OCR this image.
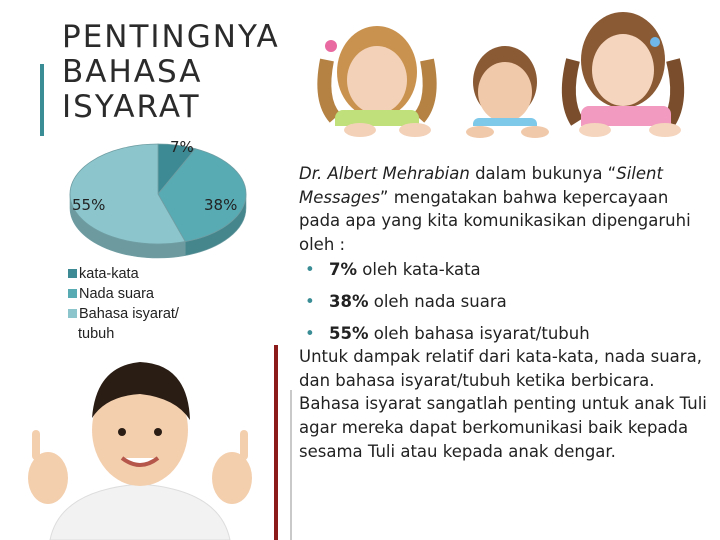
PENTINGNYA
BAHASA
ISYARAT
7%
38%
55%
kata-kata
Nada suara
Bahasa isyarat/
tubuh

Dr. Albert Mehrabian dalam bukunya “Silent Messages” mengatakan bahwa kepercayaan pada apa yang kita komunikasikan dipengaruhi oleh :

• 7% oleh kata-kata
• 38% oleh nada suara
• 55% oleh bahasa isyarat/tubuh

Untuk dampak relatif dari kata-kata, nada suara, dan bahasa isyarat/tubuh ketika berbicara. Bahasa isyarat sangatlah penting untuk anak Tuli agar mereka dapat berkomunikasi baik kepada sesama Tuli atau kepada anak dengar.
